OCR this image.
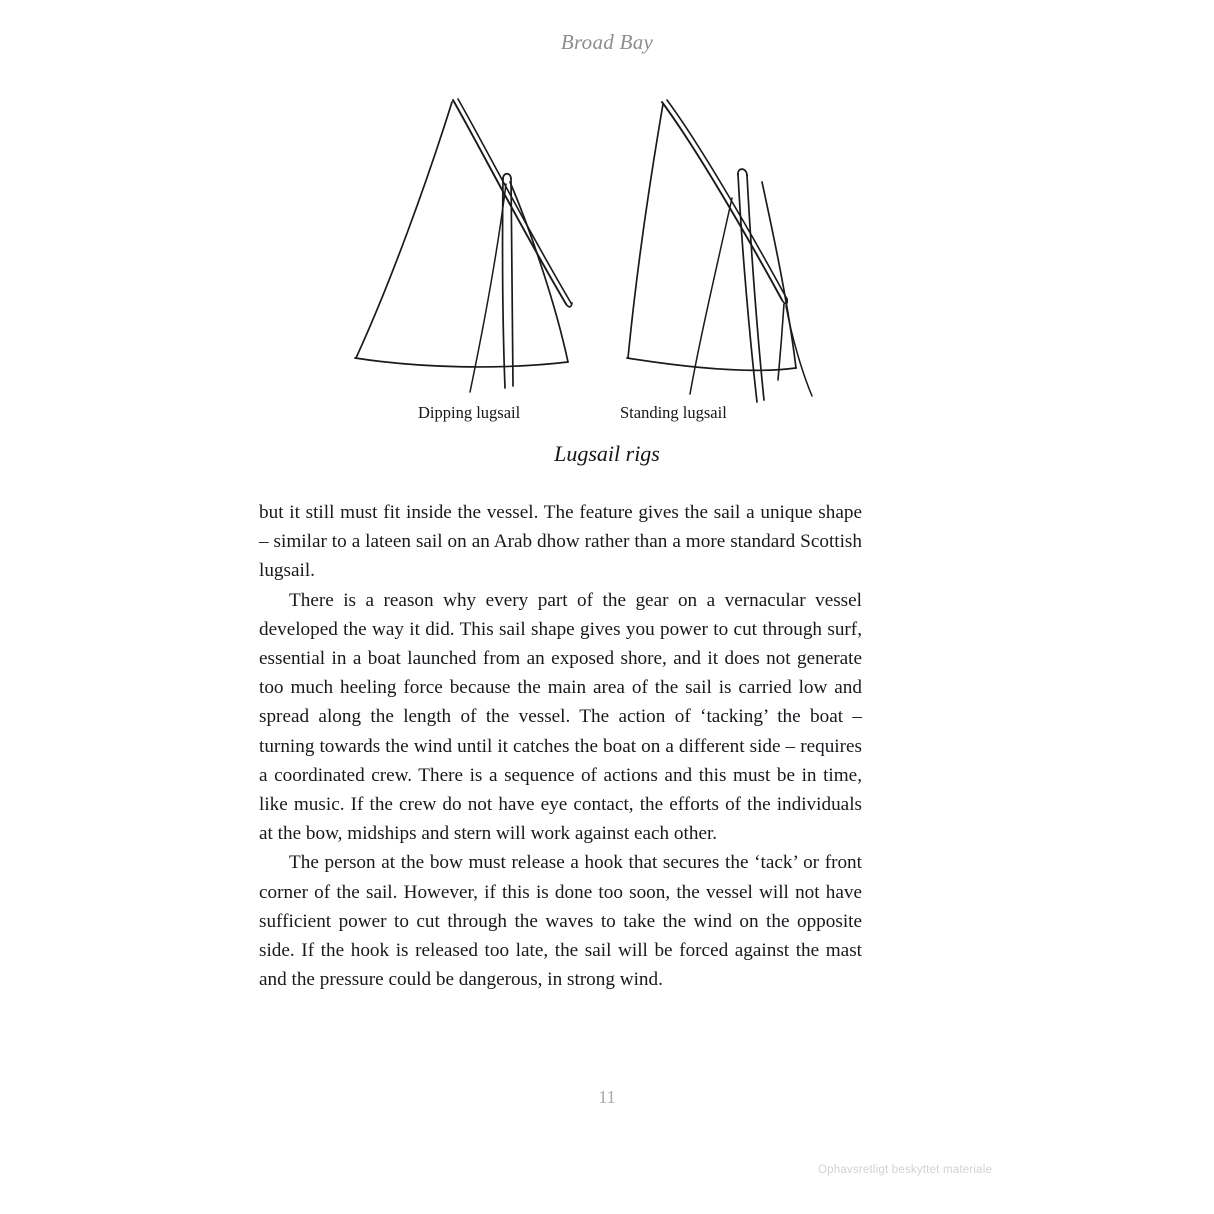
Broad Bay
Dipping lugsail	Standing lugsail
Lugsail rigs

but it still must fit inside the vessel. The feature gives the sail a unique shape – similar to a lateen sail on an Arab dhow rather than a more standard Scottish lugsail.

There is a reason why every part of the gear on a vernacular vessel developed the way it did. This sail shape gives you power to cut through surf, essential in a boat launched from an exposed shore, and it does not generate too much heeling force because the main area of the sail is carried low and spread along the length of the vessel. The action of ‘tacking’ the boat – turning towards the wind until it catches the boat on a different side – requires a coordinated crew. There is a sequence of actions and this must be in time, like music. If the crew do not have eye contact, the efforts of the individuals at the bow, midships and stern will work against each other.

The person at the bow must release a hook that secures the ‘tack’ or front corner of the sail. However, if this is done too soon, the vessel will not have sufficient power to cut through the waves to take the wind on the opposite side. If the hook is released too late, the sail will be forced against the mast and the pressure could be dangerous, in strong wind.

11
Ophavsretligt beskyttet materiale
